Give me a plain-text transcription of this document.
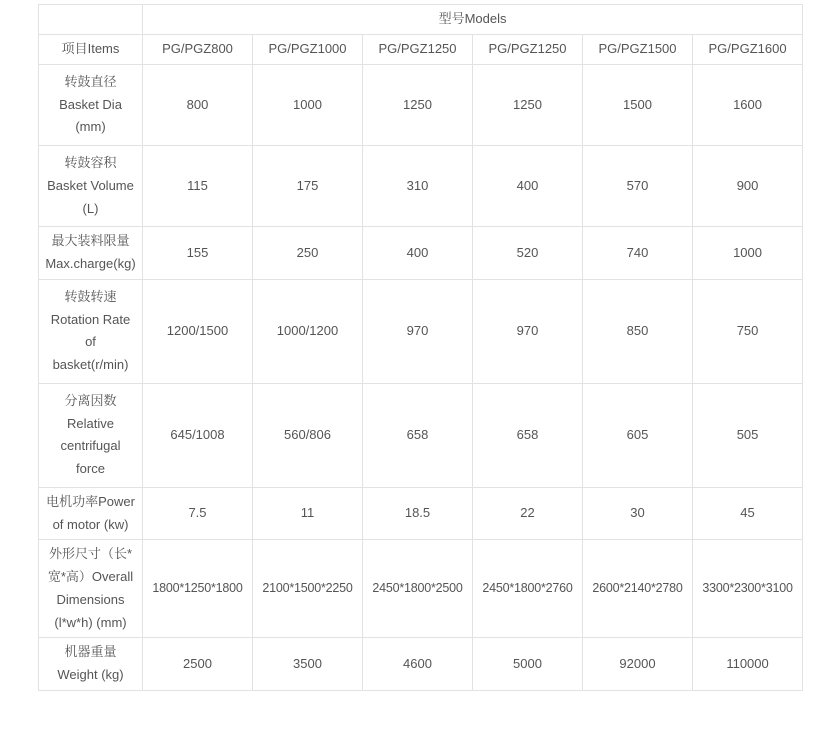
	型号Models					
项目Items	PG/PGZ800	PG/PGZ1000	PG/PGZ1250	PG/PGZ1250	PG/PGZ1500	PG/PGZ1600

转鼓直径
Basket Dia
(mm)	800	1000	1250	1250	1500	1600

转鼓容积
Basket Volume
(L)	115	175	310	400	570	900

最大装料限量
Max.charge(kg)	155	250	400	520	740	1000

转鼓转速
Rotation Rate
of
basket(r/min)	1200/1500	1000/1200	970	970	850	750

分离因数
Relative
centrifugal
force	645/1008	560/806	658	658	605	505

电机功率Power
of motor (kw)	7.5	11	18.5	22	30	45

外形尺寸（长*
宽*高）Overall
Dimensions
(l*w*h) (mm)	1800*1250*1800	2100*1500*2250	2450*1800*2500	2450*1800*2760	2600*2140*2780	3300*2300*3100

机器重量
Weight (kg)	2500	3500	4600	5000	92000	110000
